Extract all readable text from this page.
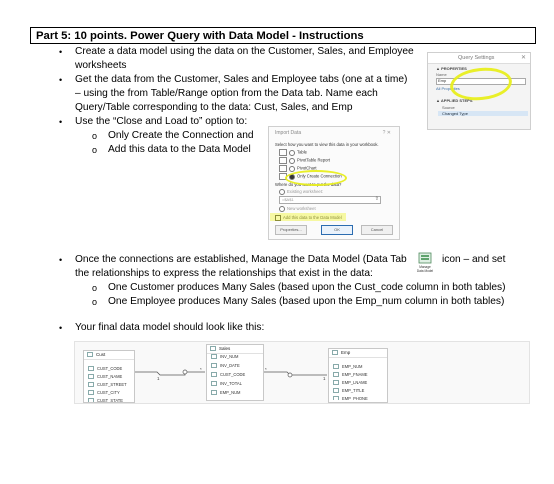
Part 5: 10 points. Power Query with Data Model - Instructions
• Create a data model using the data on the Customer, Sales, and Employee
worksheets
• Get the data from the Customer, Sales and Employee tabs (one at a time)
– using the from Table/Range option from the Data tab. Name each
Query/Table corresponding to the data: Cust, Sales, and Emp
• Use the “Close and Load to” option to:
o Only Create the Connection and
o Add this data to the Data Model
Query Settings	✕
▲ PROPERTIES
Name
Emp
All Properties
▲ APPLIED STEPS
Source
Changed Type
Import Data	? ✕
Select how you want to view this data in your workbook.
Table
PivotTable Report
PivotChart
Only Create Connection
Where do you want to put the data?
Existing worksheet:
=$A$1	⇧
New worksheet
Properties...	OK	Cancel
• Once the connections are established, Manage the Data Model (Data Tab
Manage
Data Model
icon – and set
the relationships to express the relationships that exist in the data:
o One Customer produces Many Sales (based upon the Cust_code column in both tables)
o One Employee produces Many Sales (based upon the Emp_num column in both tables)
• Your final data model should look like this:
1
*	*
1
Cust
CUST_CODE
CUST_NAME
CUST_STREET
CUST_CITY
CUST_STATE
Sales
INV_NUM
INV_DATE
CUST_CODE
INV_TOTAL
EMP_NUM
Emp
EMP_NUM
EMP_FNAME
EMP_LNAME
EMP_TITLE
EMP_PHONE
